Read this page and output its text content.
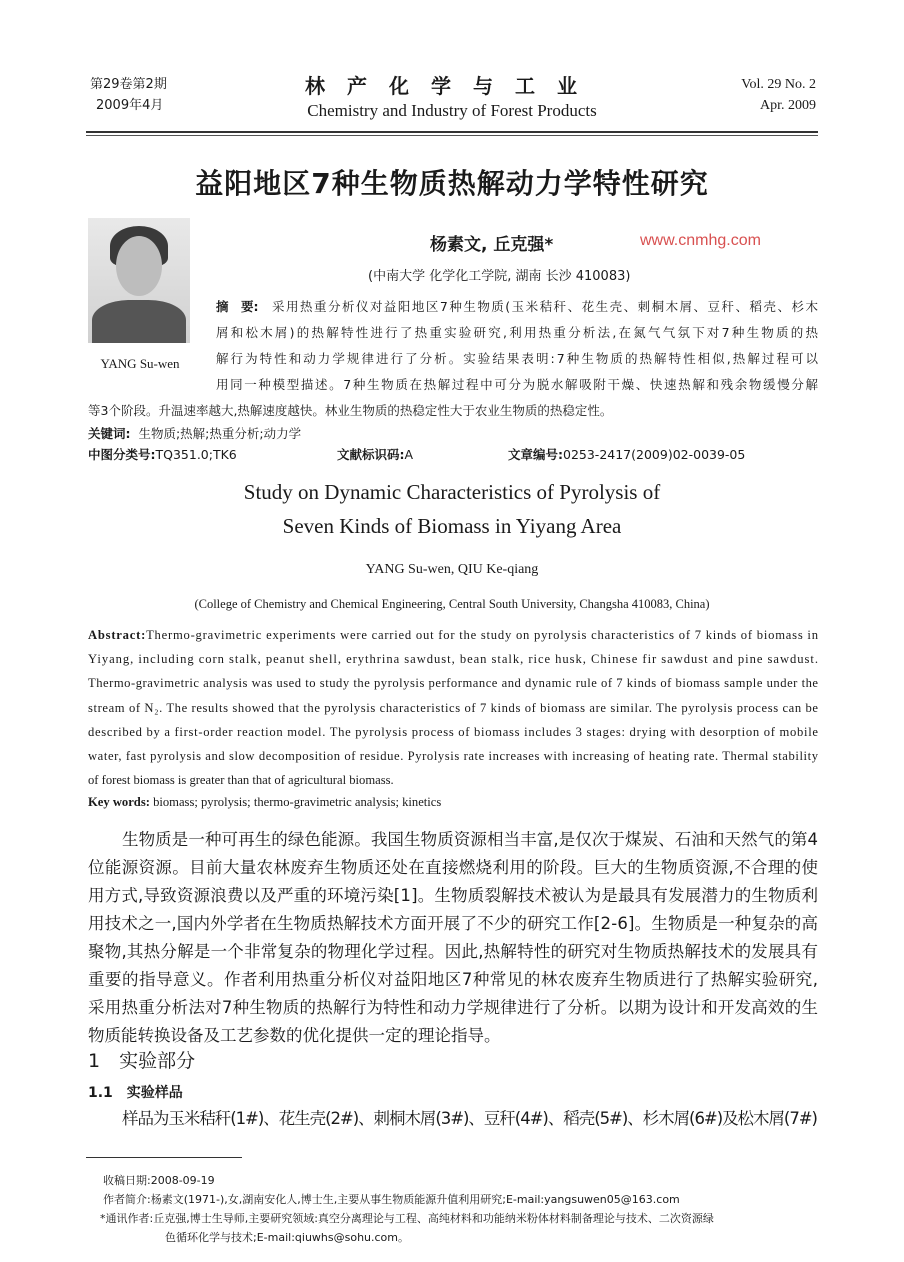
第29卷第2期
2009年4月
林产化学与工业
Chemistry and Industry of Forest Products
Vol. 29 No. 2
Apr. 2009
益阳地区7种生物质热解动力学特性研究
YANG Su-wen
杨素文, 丘克强*
(中南大学 化学化工学院, 湖南 长沙 410083)
摘　要: 采用热重分析仪对益阳地区7种生物质(玉米秸秆、花生壳、刺桐木屑、豆秆、稻壳、杉木
屑和松木屑)的热解特性进行了热重实验研究,利用热重分析法,在氮气气氛下对7种生物质的热
解行为特性和动力学规律进行了分析。实验结果表明:7种生物质的热解特性相似,热解过程可以
用同一种模型描述。7种生物质在热解过程中可分为脱水解吸附干燥、快速热解和残余物缓慢分解
等3个阶段。升温速率越大,热解速度越快。林业生物质的热稳定性大于农业生物质的热稳定性。
关键词: 生物质;热解;热重分析;动力学
中图分类号:TQ351.0;TK6	文献标识码:A	文章编号:0253-2417(2009)02-0039-05
Study on Dynamic Characteristics of Pyrolysis of
Seven Kinds of Biomass in Yiyang Area
YANG Su-wen, QIU Ke-qiang
(College of Chemistry and Chemical Engineering, Central South University, Changsha 410083, China)
Abstract:Thermo-gravimetric experiments were carried out for the study on pyrolysis characteristics of 7 kinds of biomass in
Yiyang, including corn stalk, peanut shell, erythrina sawdust, bean stalk, rice husk, Chinese fir sawdust and pine sawdust.
Thermo-gravimetric analysis was used to study the pyrolysis performance and dynamic rule of 7 kinds of biomass sample under the
stream of N₂. The results showed that the pyrolysis characteristics of 7 kinds of biomass are similar. The pyrolysis process can be
described by a first-order reaction model. The pyrolysis process of biomass includes 3 stages: drying with desorption of mobile
water, fast pyrolysis and slow decomposition of residue. Pyrolysis rate increases with increasing of heating rate. Thermal stability
of forest biomass is greater than that of agricultural biomass.
Key words: biomass; pyrolysis; thermo-gravimetric analysis; kinetics
生物质是一种可再生的绿色能源。我国生物质资源相当丰富,是仅次于煤炭、石油和天然气的第4
位能源资源。目前大量农林废弃生物质还处在直接燃烧利用的阶段。巨大的生物质资源,不合理的使
用方式,导致资源浪费以及严重的环境污染[1]。生物质裂解技术被认为是最具有发展潜力的生物质利
用技术之一,国内外学者在生物质热解技术方面开展了不少的研究工作[2-6]。生物质是一种复杂的高
聚物,其热分解是一个非常复杂的物理化学过程。因此,热解特性的研究对生物质热解技术的发展具有
重要的指导意义。作者利用热重分析仪对益阳地区7种常见的林农废弃生物质进行了热解实验研究,
采用热重分析法对7种生物质的热解行为特性和动力学规律进行了分析。以期为设计和开发高效的生
物质能转换设备及工艺参数的优化提供一定的理论指导。
1　实验部分
1.1　实验样品
样品为玉米秸秆(1#)、花生壳(2#)、刺桐木屑(3#)、豆秆(4#)、稻壳(5#)、杉木屑(6#)及松木屑(7#)
收稿日期:2008-09-19
作者简介:杨素文(1971-),女,湖南安化人,博士生,主要从事生物质能源升值利用研究;E-mail:yangsuwen05@163.com
*通讯作者:丘克强,博士生导师,主要研究领域:真空分离理论与工程、高纯材料和功能纳米粉体材料制备理论与技术、二次资源绿
色循环化学与技术;E-mail:qiuwhs@sohu.com。
www.cnmhg.com
